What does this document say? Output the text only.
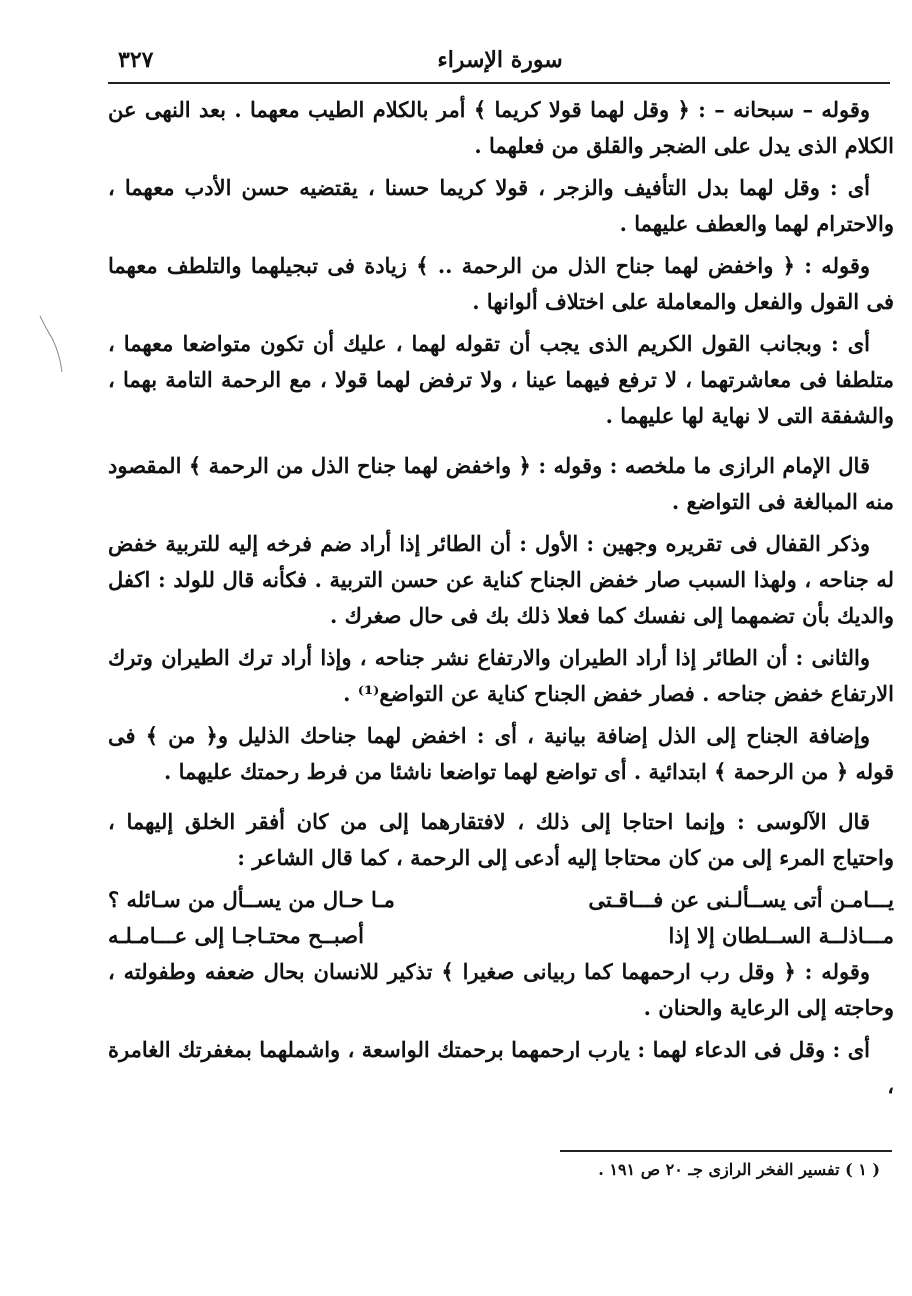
سورة الإسراء
٣٢٧

وقوله – سبحانه – : ﴿ وقل لهما قولا كريما ﴾ أمر بالكلام الطيب معهما . بعد النهى عن الكلام الذى يدل على الضجر والقلق من فعلهما .

أى : وقل لهما بدل التأفيف والزجر ، قولا كريما حسنا ، يقتضيه حسن الأدب معهما ، والاحترام لهما والعطف عليهما .

وقوله : ﴿ واخفض لهما جناح الذل من الرحمة .. ﴾ زيادة فى تبجيلهما والتلطف معهما فى القول والفعل والمعاملة على اختلاف ألوانها .

أى : وبجانب القول الكريم الذى يجب أن تقوله لهما ، عليك أن تكون متواضعا معهما ، متلطفا فى معاشرتهما ، لا ترفع فيهما عينا ، ولا ترفض لهما قولا ، مع الرحمة التامة بهما ، والشفقة التى لا نهاية لها عليهما .

قال الإمام الرازى ما ملخصه : وقوله : ﴿ واخفض لهما جناح الذل من الرحمة ﴾ المقصود منه المبالغة فى التواضع .

وذكر القفال فى تقريره وجهين : الأول : أن الطائر إذا أراد ضم فرخه إليه للتربية خفض له جناحه ، ولهذا السبب صار خفض الجناح كناية عن حسن التربية . فكأنه قال للولد : اكفل والديك بأن تضمهما إلى نفسك كما فعلا ذلك بك فى حال صغرك .

والثانى : أن الطائر إذا أراد الطيران والارتفاع نشر جناحه ، وإذا أراد ترك الطيران وترك الارتفاع خفض جناحه . فصار خفض الجناح كناية عن التواضع⁽¹⁾ .

وإضافة الجناح إلى الذل إضافة بيانية ، أى : اخفض لهما جناحك الذليل و﴿ من ﴾ فى قوله ﴿ من الرحمة ﴾ ابتدائية . أى تواضع لهما تواضعا ناشئا من فرط رحمتك عليهما .

قال الآلوسى : وإنما احتاجا إلى ذلك ، لافتقارهما إلى من كان أفقر الخلق إليهما ، واحتياج المرء إلى من كان محتاجا إليه أدعى إلى الرحمة ، كما قال الشاعر :

يـــامـن أتى يســألـنى عن فـــاقـتى
مـا حـال من يســأل من سـائله ؟
مـــاذلــة الســلطان إلا إذا
أصبــح محتـاجـا إلى عـــامـلـه

وقوله : ﴿ وقل رب ارحمهما كما ربيانى صغيرا ﴾ تذكير للانسان بحال ضعفه وطفولته ، وحاجته إلى الرعاية والحنان .

أى : وقل فى الدعاء لهما : يارب ارحمهما برحمتك الواسعة ، واشملهما بمغفرتك الغامرة ،

( ١ ) تفسير الفخر الرازى جـ ٢٠ ص ١٩١ .
